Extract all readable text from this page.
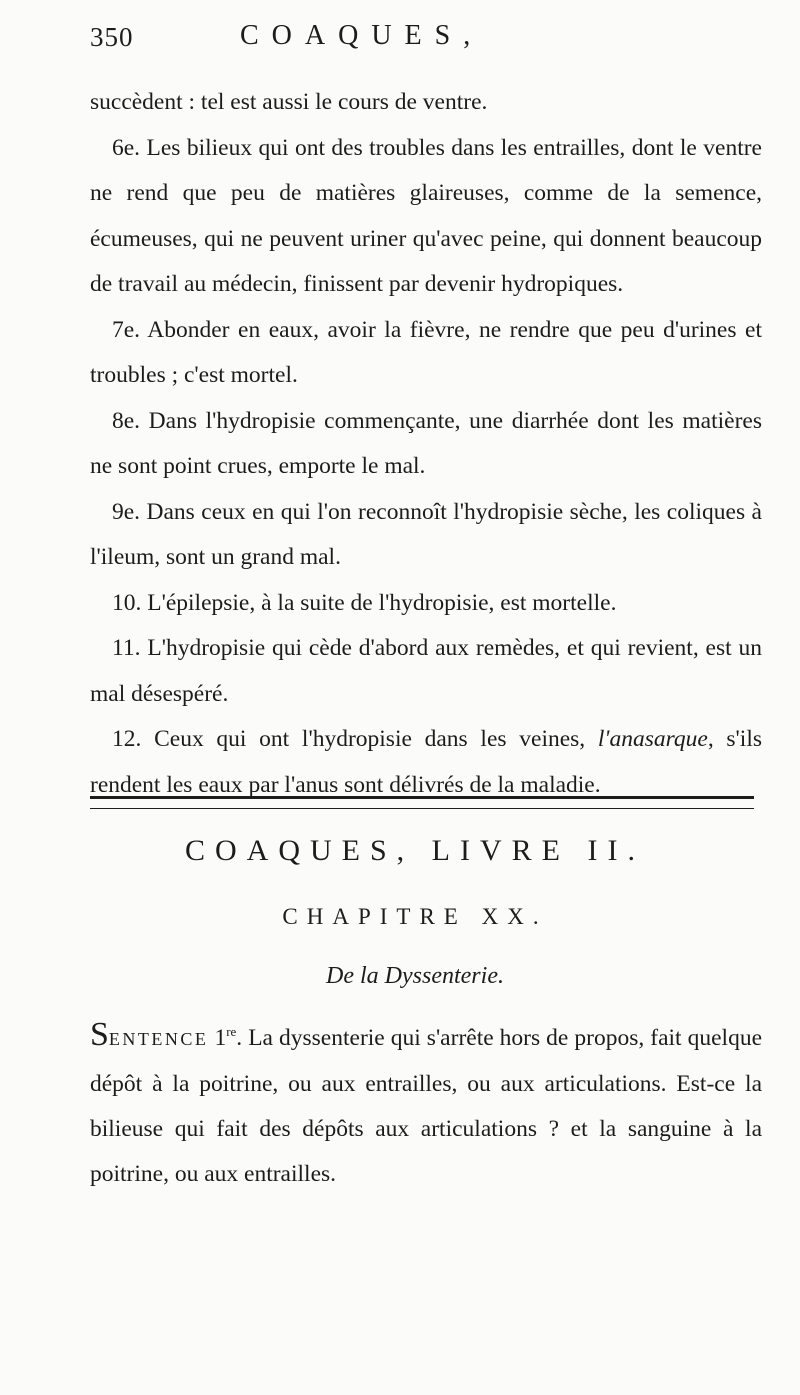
350	COAQUES,

succèdent : tel est aussi le cours de ventre.

6e. Les bilieux qui ont des troubles dans les entrailles, dont le ventre ne rend que peu de matières glaireuses, comme de la semence, écumeuses, qui ne peuvent uriner qu'avec peine, qui donnent beaucoup de travail au médecin, finissent par devenir hydropiques.

7e. Abonder en eaux, avoir la fièvre, ne rendre que peu d'urines et troubles ; c'est mortel.

8e. Dans l'hydropisie commençante, une diarrhée dont les matières ne sont point crues, emporte le mal.

9e. Dans ceux en qui l'on reconnoît l'hydropisie sèche, les coliques à l'ileum, sont un grand mal.

10. L'épilepsie, à la suite de l'hydropisie, est mortelle.

11. L'hydropisie qui cède d'abord aux remèdes, et qui revient, est un mal désespéré.

12. Ceux qui ont l'hydropisie dans les veines, l'anasarque, s'ils rendent les eaux par l'anus sont délivrés de la maladie.

COAQUES, LIVRE II.
CHAPITRE XX.
De la Dyssenterie.

SENTENCE 1re. La dyssenterie qui s'arrête hors de propos, fait quelque dépôt à la poitrine, ou aux entrailles, ou aux articulations. Est-ce la bilieuse qui fait des dépôts aux articulations ? et la sanguine à la poitrine, ou aux entrailles.
